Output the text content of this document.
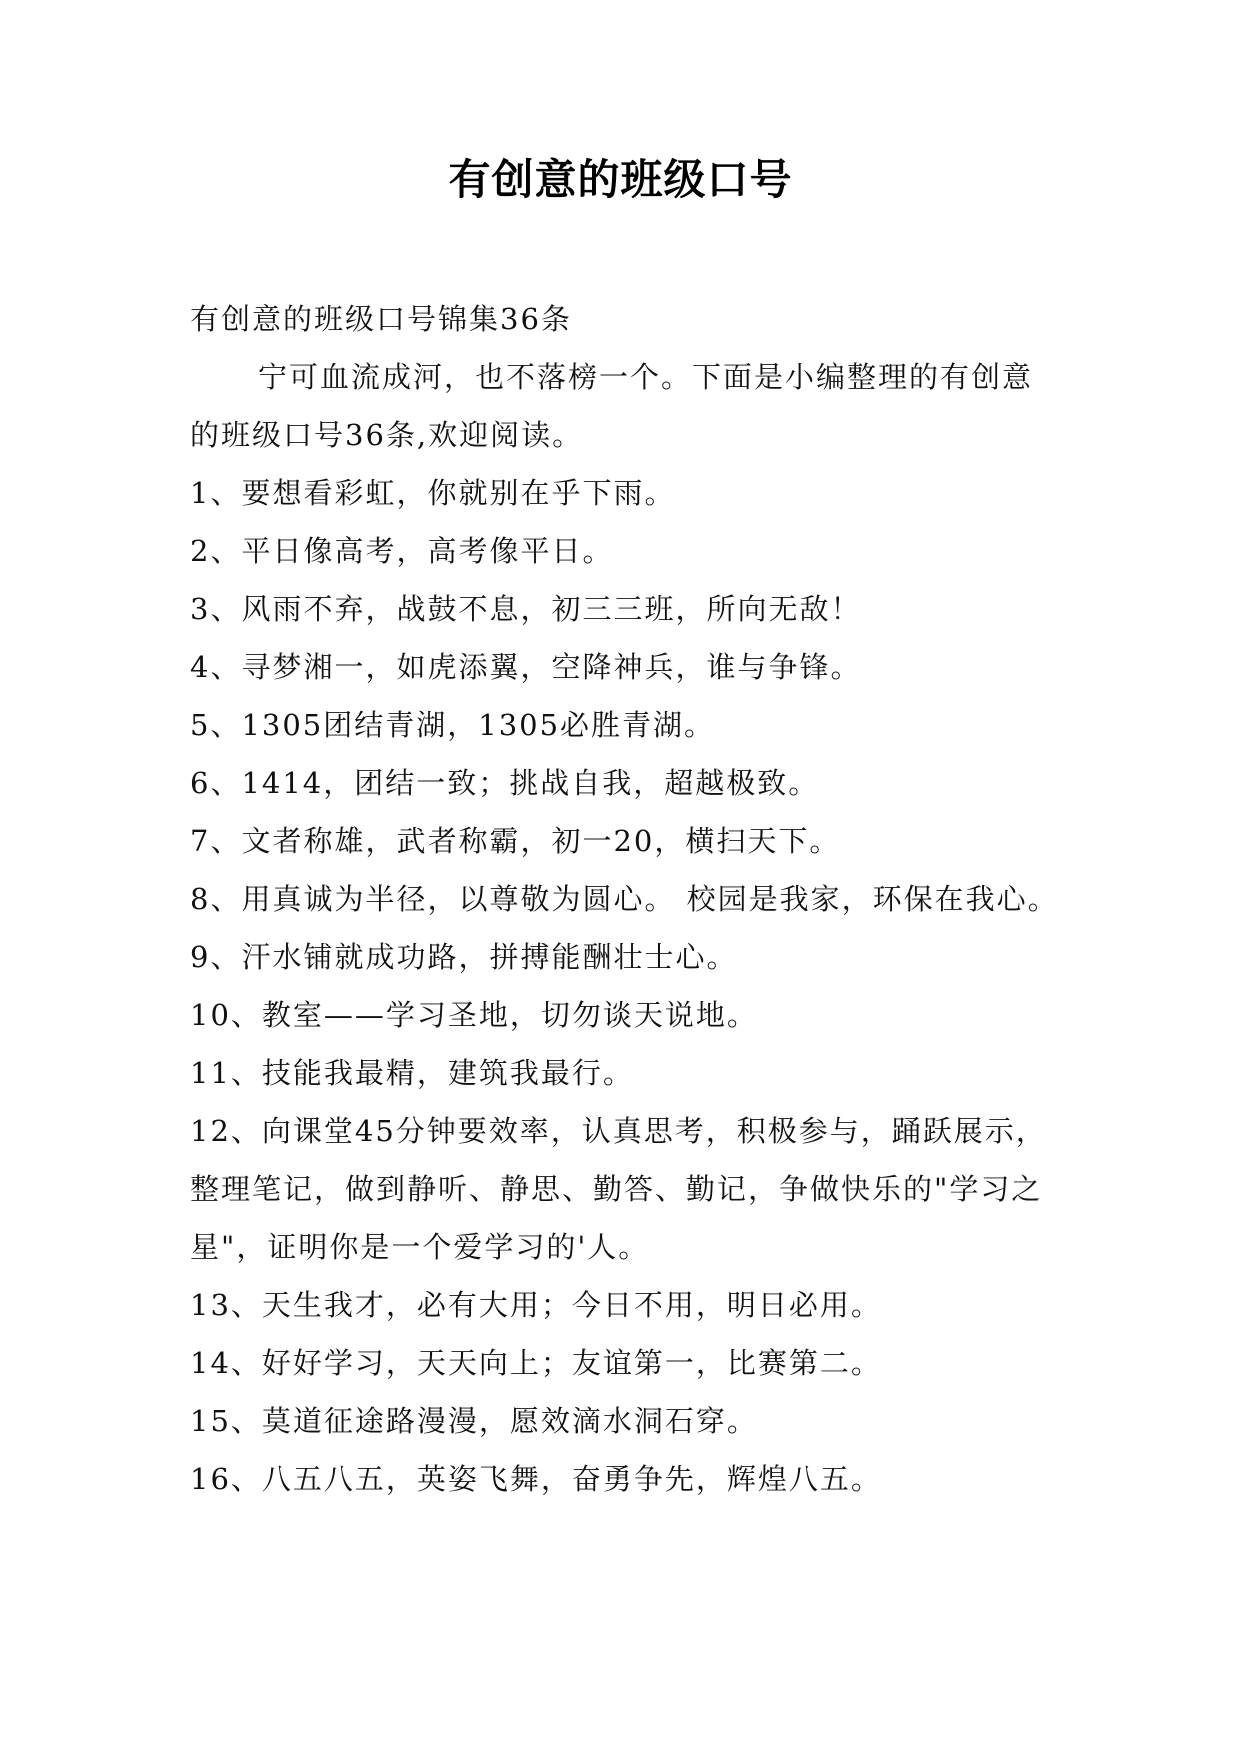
有创意的班级口号

有创意的班级口号锦集36条

宁可血流成河，也不落榜一个。下面是小编整理的有创意的班级口号36条,欢迎阅读。

1、要想看彩虹，你就别在乎下雨。

2、平日像高考，高考像平日。

3、风雨不弃，战鼓不息，初三三班，所向无敌！

4、寻梦湘一，如虎添翼，空降神兵，谁与争锋。

5、1305团结青湖，1305必胜青湖。

6、1414，团结一致；挑战自我，超越极致。

7、文者称雄，武者称霸，初一20，横扫天下。

8、用真诚为半径，以尊敬为圆心。 校园是我家，环保在我心。

9、汗水铺就成功路，拼搏能酬壮士心。

10、教室——学习圣地，切勿谈天说地。

11、技能我最精，建筑我最行。

12、向课堂45分钟要效率，认真思考，积极参与，踊跃展示，整理笔记，做到静听、静思、勤答、勤记，争做快乐的"学习之星"，证明你是一个爱学习的'人。

13、天生我才，必有大用；今日不用，明日必用。

14、好好学习，天天向上；友谊第一，比赛第二。

15、莫道征途路漫漫，愿效滴水洞石穿。

16、八五八五，英姿飞舞，奋勇争先，辉煌八五。
